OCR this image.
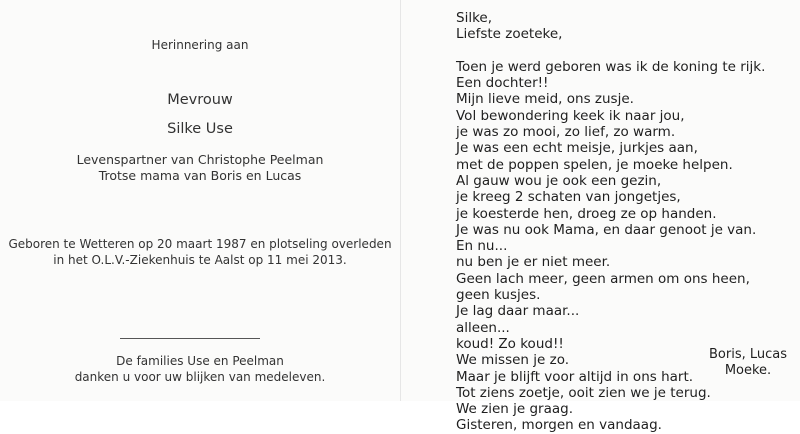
Herinnering aan
Mevrouw
Silke Use
Levenspartner van Christophe Peelman
Trotse mama van Boris en Lucas
Geboren te Wetteren op 20 maart 1987 en plotseling overleden
in het O.L.V.-Ziekenhuis te Aalst op 11 mei 2013.
De families Use en Peelman
danken u voor uw blijken van medeleven.
Silke,
Liefste zoeteke,
Toen je werd geboren was ik de koning te rijk.
Een dochter!!
Mijn lieve meid, ons zusje.
Vol bewondering keek ik naar jou,
je was zo mooi, zo lief, zo warm.
Je was een echt meisje, jurkjes aan,
met de poppen spelen, je moeke helpen.
Al gauw wou je ook een gezin,
je kreeg 2 schaten van jongetjes,
je koesterde hen, droeg ze op handen.
Je was nu ook Mama, en daar genoot je van.
En nu...
nu ben je er niet meer.
Geen lach meer, geen armen om ons heen,
geen kusjes.
Je lag daar maar...
alleen...
koud! Zo koud!!
We missen je zo.
Maar je blijft voor altijd in ons hart.
Tot ziens zoetje, ooit zien we je terug.
We zien je graag.
Gisteren, morgen en vandaag.
Boris, Lucas
Moeke.
